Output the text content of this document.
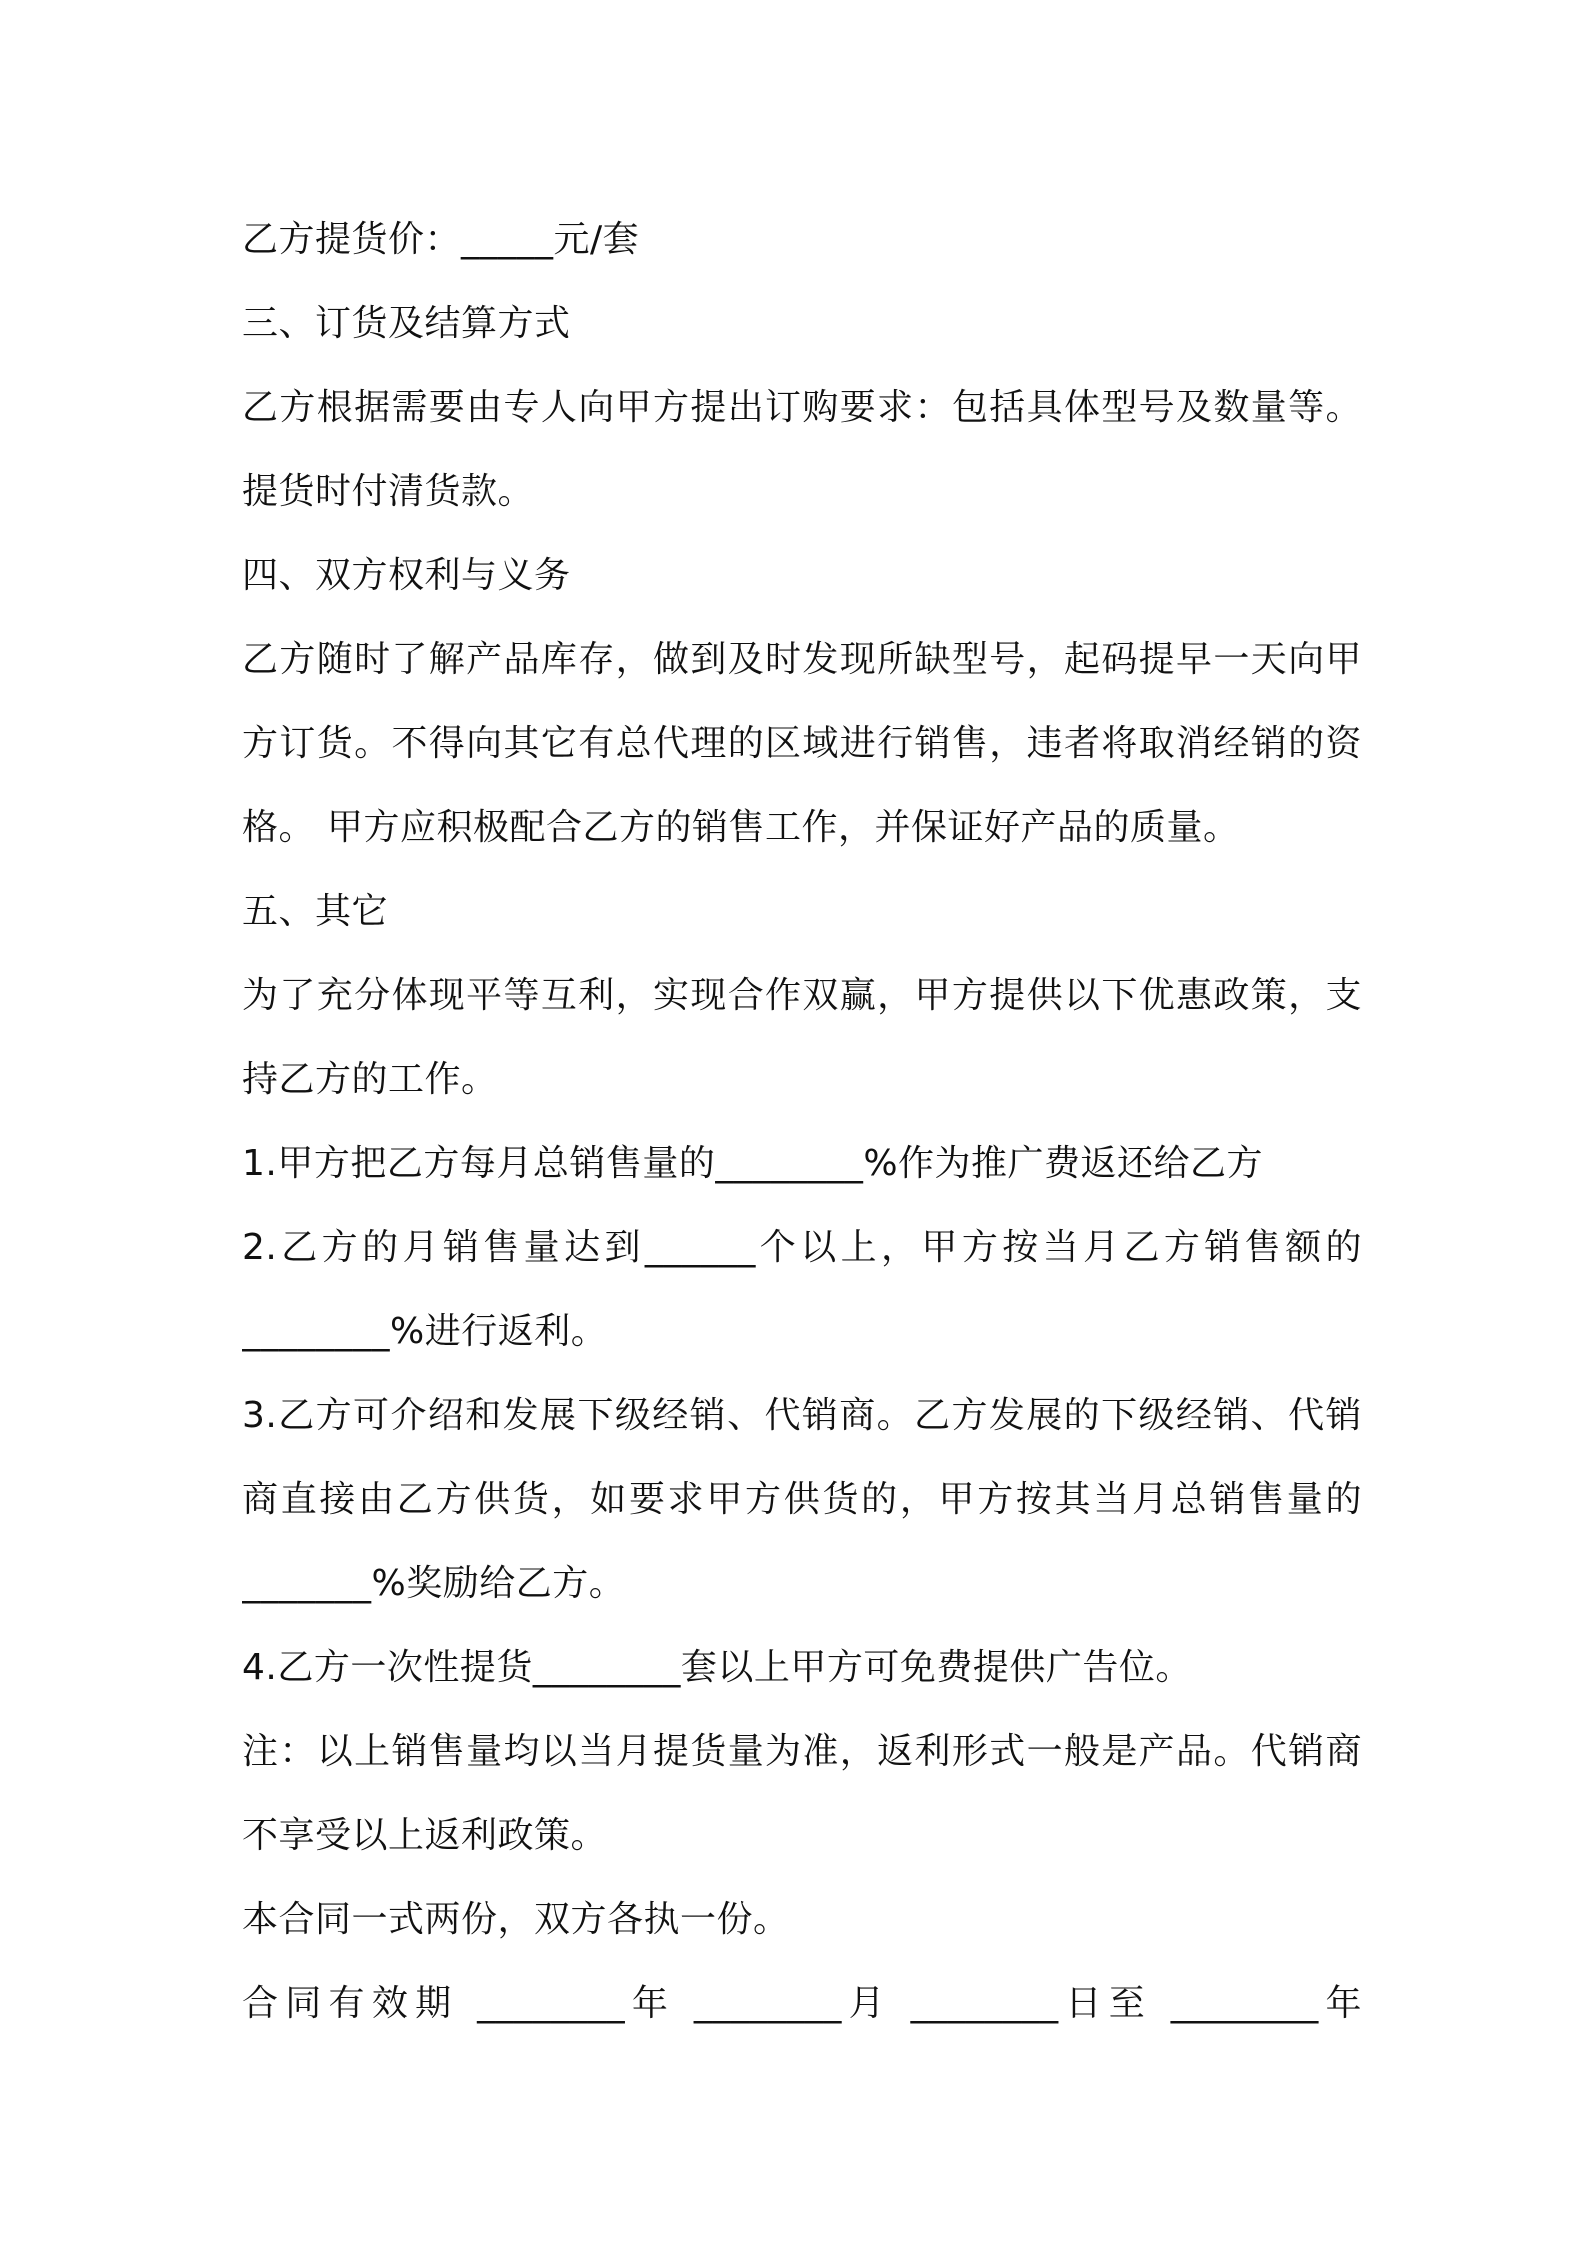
乙方提货价：_____元/套
三、订货及结算方式
乙方根据需要由专人向甲方提出订购要求：包括具体型号及数量等。
提货时付清货款。
四、双方权利与义务
乙方随时了解产品库存，做到及时发现所缺型号，起码提早一天向甲
方订货。不得向其它有总代理的区域进行销售，违者将取消经销的资
格。 甲方应积极配合乙方的销售工作，并保证好产品的质量。
五、其它
为了充分体现平等互利，实现合作双赢，甲方提供以下优惠政策，支
持乙方的工作。
1.甲方把乙方每月总销售量的________%作为推广费返还给乙方
2.乙方的月销售量达到______个以上，甲方按当月乙方销售额的
________%进行返利。
3.乙方可介绍和发展下级经销、代销商。乙方发展的下级经销、代销
商直接由乙方供货，如要求甲方供货的，甲方按其当月总销售量的
_______%奖励给乙方。
4.乙方一次性提货________套以上甲方可免费提供广告位。
注：以上销售量均以当月提货量为准，返利形式一般是产品。代销商
不享受以上返利政策。
本合同一式两份，双方各执一份。
合同有效期 ________年 ________月 ________日至 ________年
